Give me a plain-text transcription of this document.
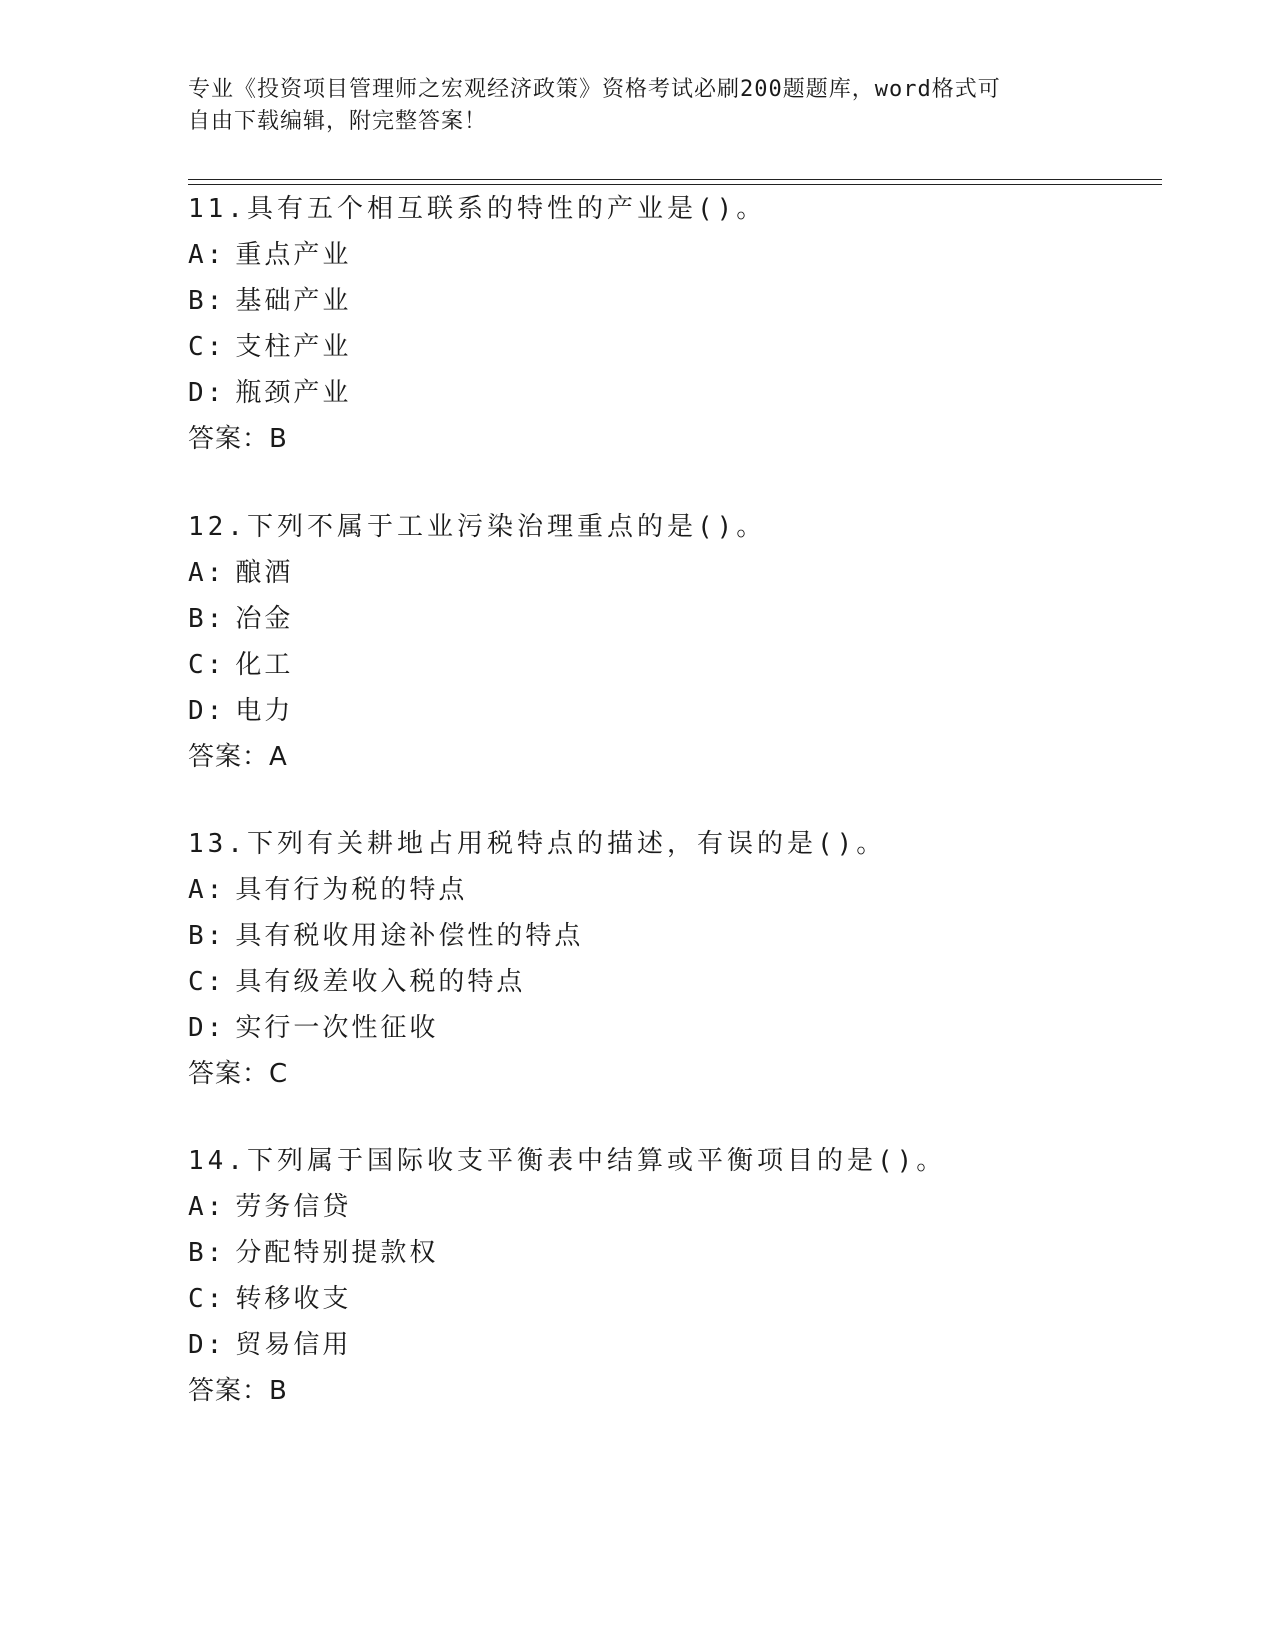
专业《投资项目管理师之宏观经济政策》资格考试必刷200题题库，word格式可
自由下载编辑，附完整答案！
11.具有五个相互联系的特性的产业是()。
A: 重点产业
B: 基础产业
C: 支柱产业
D: 瓶颈产业
答案：B
12.下列不属于工业污染治理重点的是()。
A: 酿酒
B: 冶金
C: 化工
D: 电力
答案：A
13.下列有关耕地占用税特点的描述，有误的是()。
A: 具有行为税的特点
B: 具有税收用途补偿性的特点
C: 具有级差收入税的特点
D: 实行一次性征收
答案：C
14.下列属于国际收支平衡表中结算或平衡项目的是()。
A: 劳务信贷
B: 分配特别提款权
C: 转移收支
D: 贸易信用
答案：B
